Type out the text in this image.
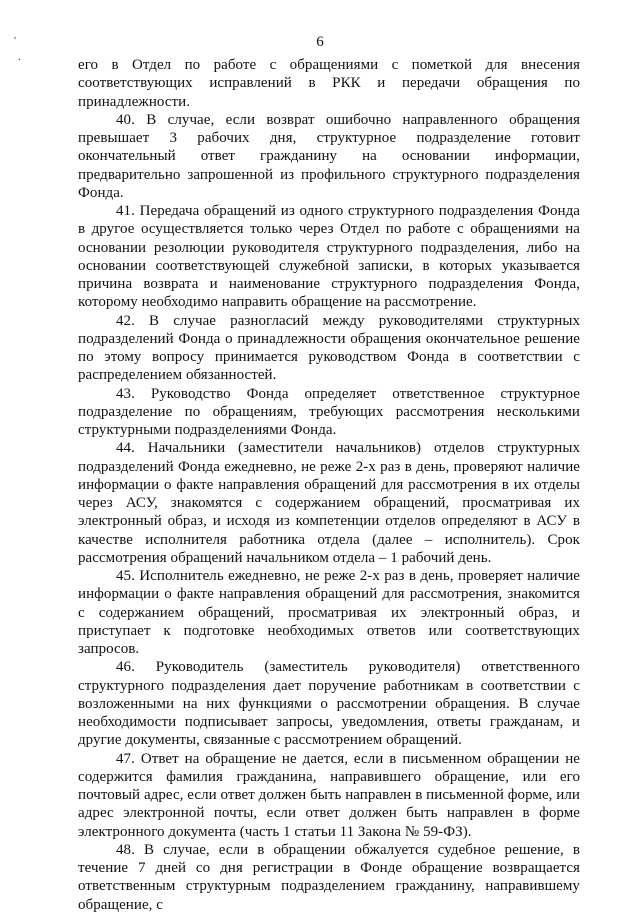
'
.
6

его в Отдел по работе с обращениями с пометкой для внесения соответствующих исправлений в РКК и передачи обращения по принадлежности.

40. В случае, если возврат ошибочно направленного обращения превышает 3 рабочих дня, структурное подразделение готовит окончательный ответ гражданину на основании информации, предварительно запрошенной из профильного структурного подразделения Фонда.

41. Передача обращений из одного структурного подразделения Фонда в другое осуществляется только через Отдел по работе с обращениями на основании резолюции руководителя структурного подразделения, либо на основании соответствующей служебной записки, в которых указывается причина возврата и наименование структурного подразделения Фонда, которому необходимо направить обращение на рассмотрение.

42. В случае разногласий между руководителями структурных подразделений Фонда о принадлежности обращения окончательное решение по этому вопросу принимается руководством Фонда в соответствии с распределением обязанностей.

43. Руководство Фонда определяет ответственное структурное подразделение по обращениям, требующих рассмотрения несколькими структурными подразделениями Фонда.

44. Начальники (заместители начальников) отделов структурных подразделений Фонда ежедневно, не реже 2-х раз в день, проверяют наличие информации о факте направления обращений для рассмотрения в их отделы через АСУ, знакомятся с содержанием обращений, просматривая их электронный образ, и исходя из компетенции отделов определяют в АСУ в качестве исполнителя работника отдела (далее – исполнитель). Срок рассмотрения обращений начальником отдела – 1 рабочий день.

45. Исполнитель ежедневно, не реже 2-х раз в день, проверяет наличие информации о факте направления обращений для рассмотрения, знакомится с содержанием обращений, просматривая их электронный образ, и приступает к подготовке необходимых ответов или соответствующих запросов.

46. Руководитель (заместитель руководителя) ответственного структурного подразделения дает поручение работникам в соответствии с возложенными на них функциями о рассмотрении обращения. В случае необходимости подписывает запросы, уведомления, ответы гражданам, и другие документы, связанные с рассмотрением обращений.

47. Ответ на обращение не дается, если в письменном обращении не содержится фамилия гражданина, направившего обращение, или его почтовый адрес, если ответ должен быть направлен в письменной форме, или адрес электронной почты, если ответ должен быть направлен в форме электронного документа (часть 1 статьи 11 Закона № 59-ФЗ).

48. В случае, если в обращении обжалуется судебное решение, в течение 7 дней со дня регистрации в Фонде обращение возвращается ответственным структурным подразделением гражданину, направившему обращение, с
